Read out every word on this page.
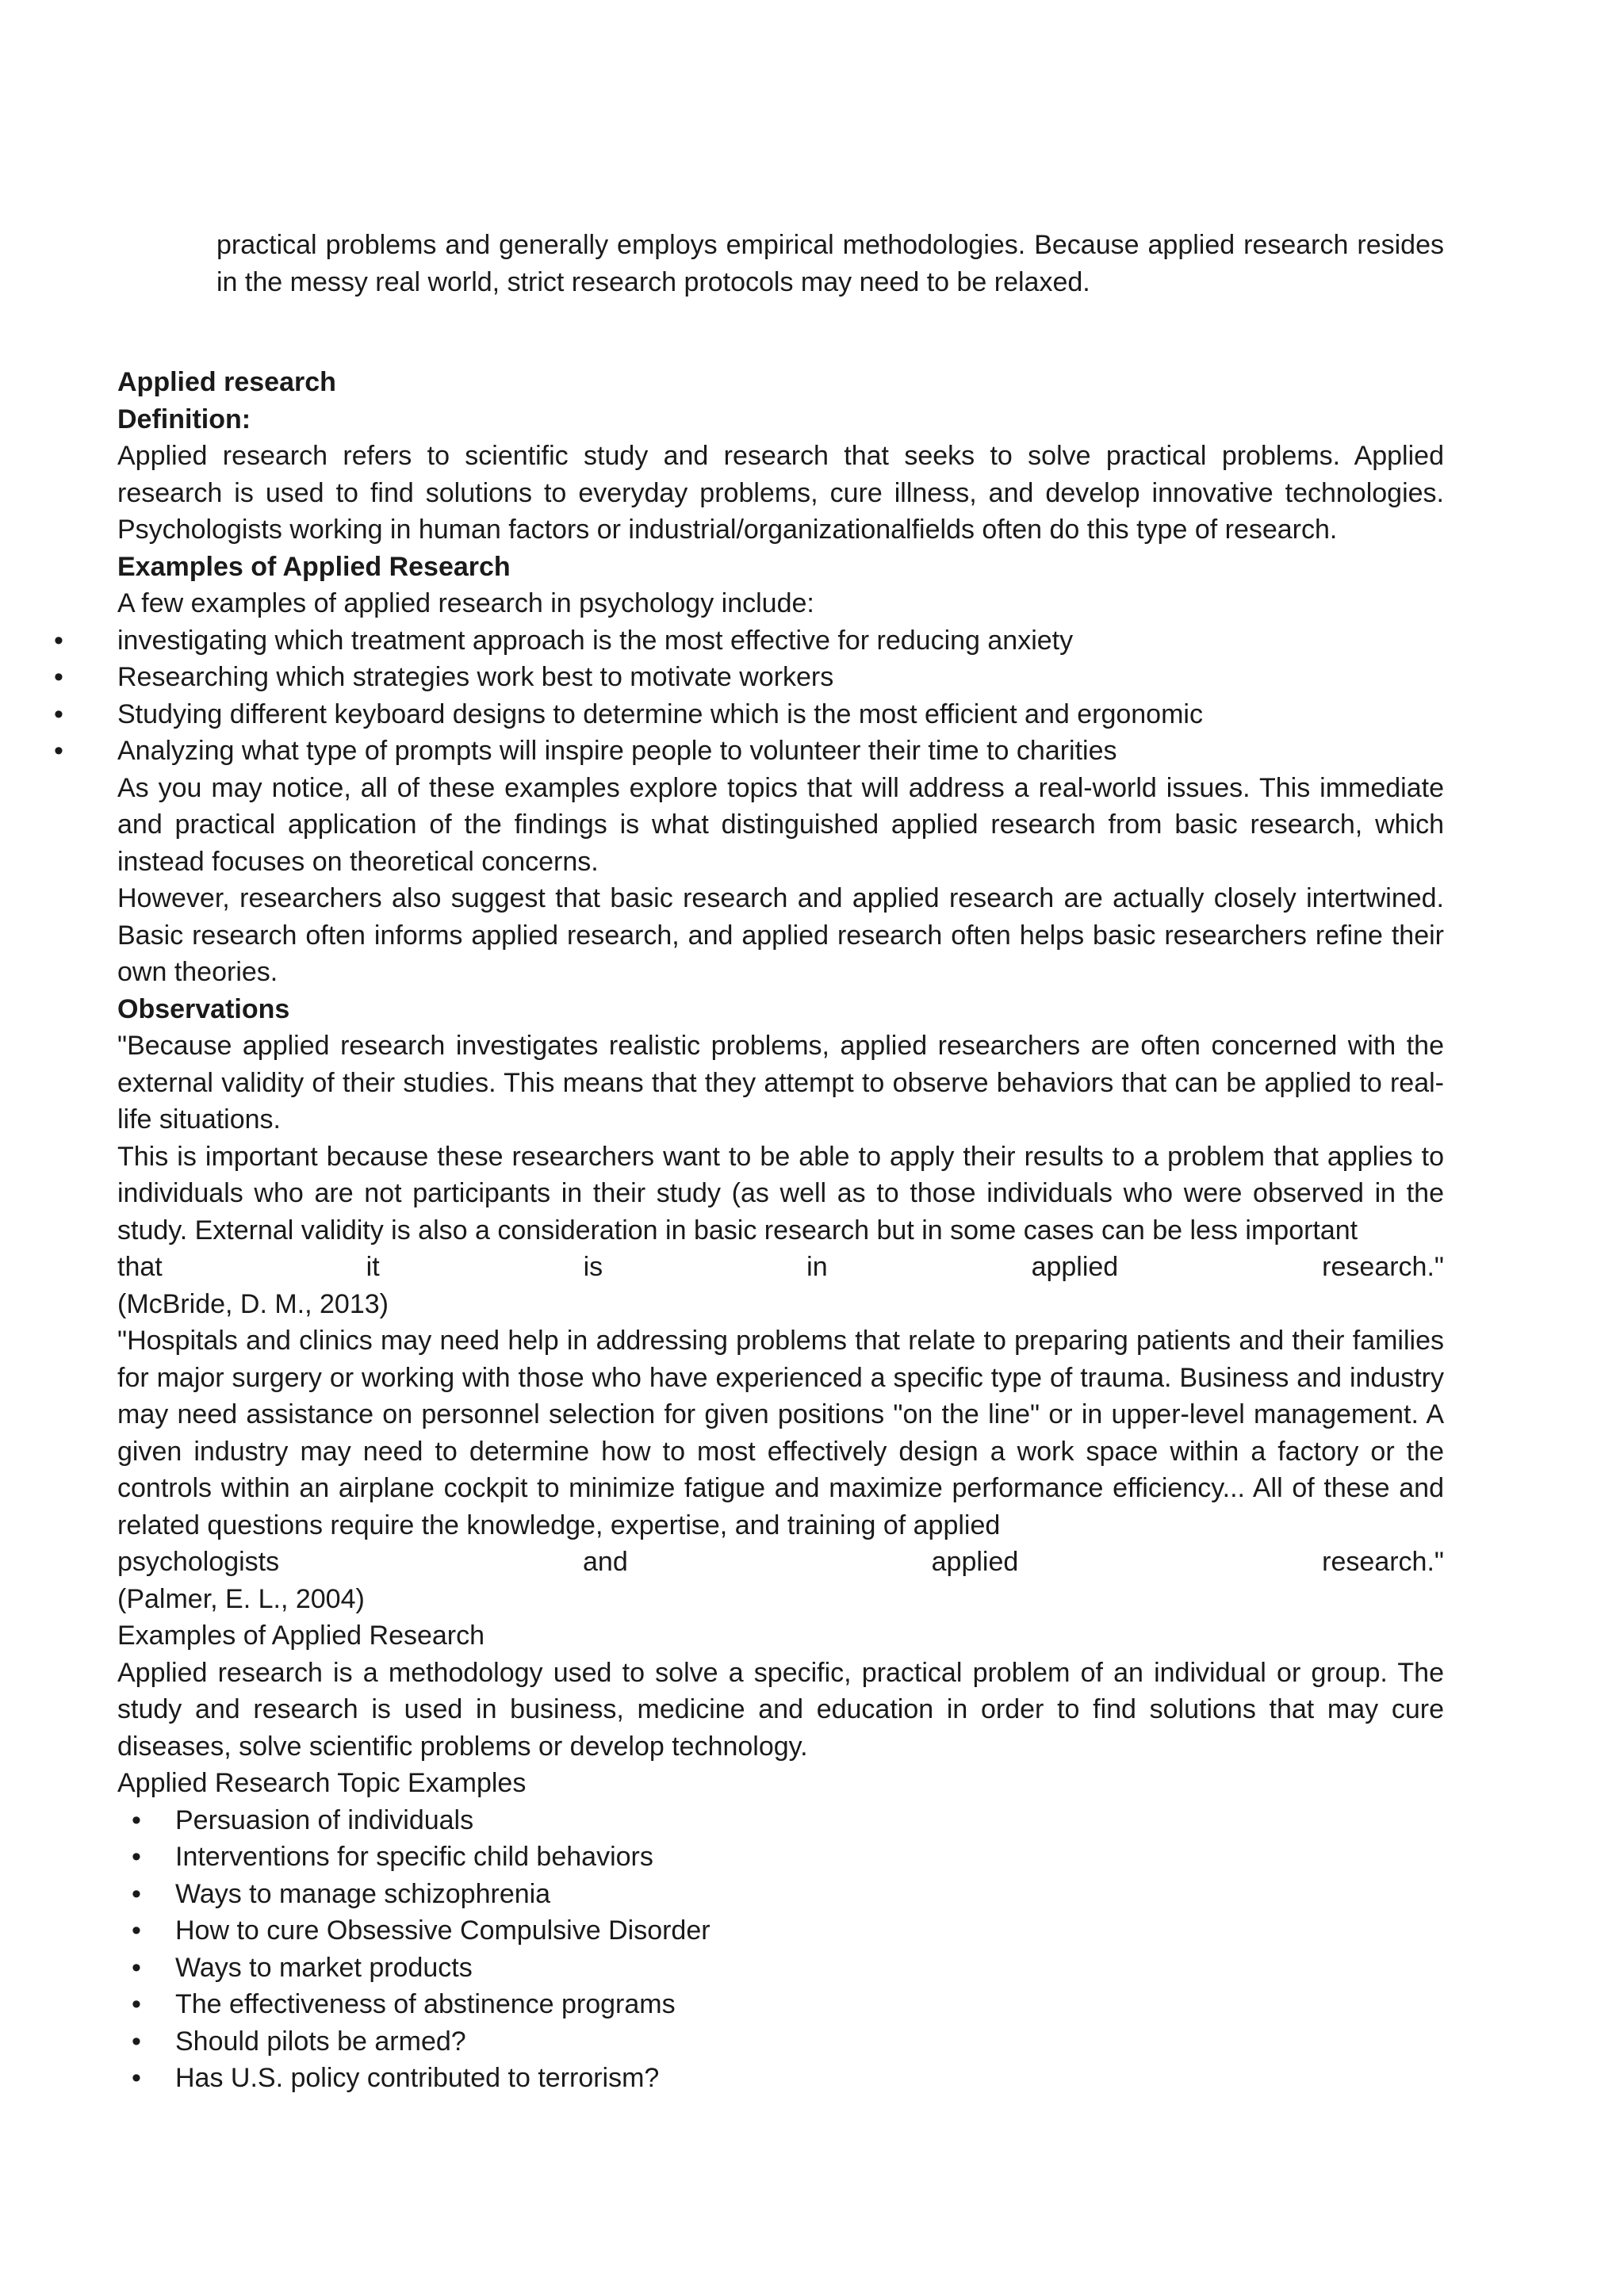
practical problems and generally employs empirical methodologies. Because applied research resides in the messy real world, strict research protocols may need to be relaxed.

Applied research

Definition:

Applied research refers to scientific study and research that seeks to solve practical problems. Applied research is used to find solutions to everyday problems, cure illness, and develop innovative technologies. Psychologists working in human factors or industrial/organizationalfields often do this type of research.

Examples of Applied Research

A few examples of applied research in psychology include:

• investigating which treatment approach is the most effective for reducing anxiety
• Researching which strategies work best to motivate workers
• Studying different keyboard designs to determine which is the most efficient and ergonomic
• Analyzing what type of prompts will inspire people to volunteer their time to charities

As you may notice, all of these examples explore topics that will address a real-world issues. This immediate and practical application of the findings is what distinguished applied research from basic research, which instead focuses on theoretical concerns.

However, researchers also suggest that basic research and applied research are actually closely intertwined. Basic research often informs applied research, and applied research often helps basic researchers refine their own theories.

Observations

"Because applied research investigates realistic problems, applied researchers are often concerned with the external validity of their studies. This means that they attempt to observe behaviors that can be applied to real-life situations.

This is important because these researchers want to be able to apply their results to a problem that applies to individuals who are not participants in their study (as well as to those individuals who were observed in the study. External validity is also a consideration in basic research but in some cases can be less important

that	it	is	in	applied	research."

(McBride, D. M., 2013)

"Hospitals and clinics may need help in addressing problems that relate to preparing patients and their families for major surgery or working with those who have experienced a specific type of trauma. Business and industry may need assistance on personnel selection for given positions "on the line" or in upper-level management. A given industry may need to determine how to most effectively design a work space within a factory or the controls within an airplane cockpit to minimize fatigue and maximize performance efficiency... All of these and related questions require the knowledge, expertise, and training of applied

psychologists	and	applied	research."

(Palmer, E. L., 2004)

Examples of Applied Research

Applied research is a methodology used to solve a specific, practical problem of an individual or group. The study and research is used in business, medicine and education in order to find solutions that may cure diseases, solve scientific problems or develop technology.

Applied Research Topic Examples

• Persuasion of individuals
• Interventions for specific child behaviors
• Ways to manage schizophrenia
• How to cure Obsessive Compulsive Disorder
• Ways to market products
• The effectiveness of abstinence programs
• Should pilots be armed?
• Has U.S. policy contributed to terrorism?
